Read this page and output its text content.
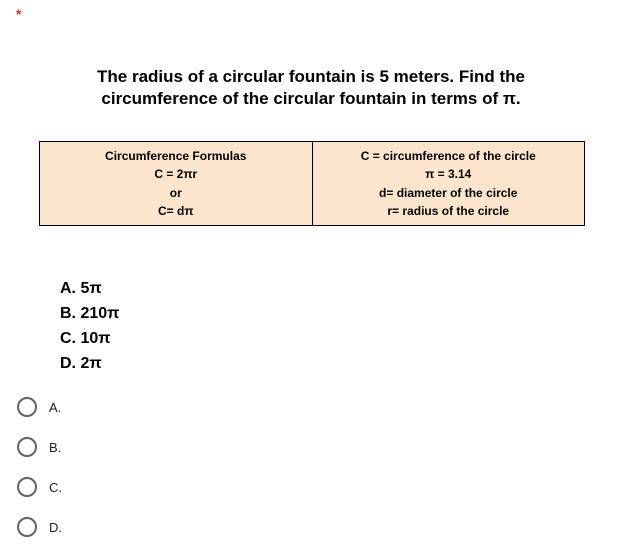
*
The radius of a circular fountain is 5 meters. Find the
circumference of the circular fountain in terms of π.
Circumference Formulas
C = 2πr
or
C= dπ

C = circumference of the circle
π = 3.14
d= diameter of the circle
r= radius of the circle
A. 5π
B. 210π
C. 10π
D. 2π
A.
B.
C.
D.
